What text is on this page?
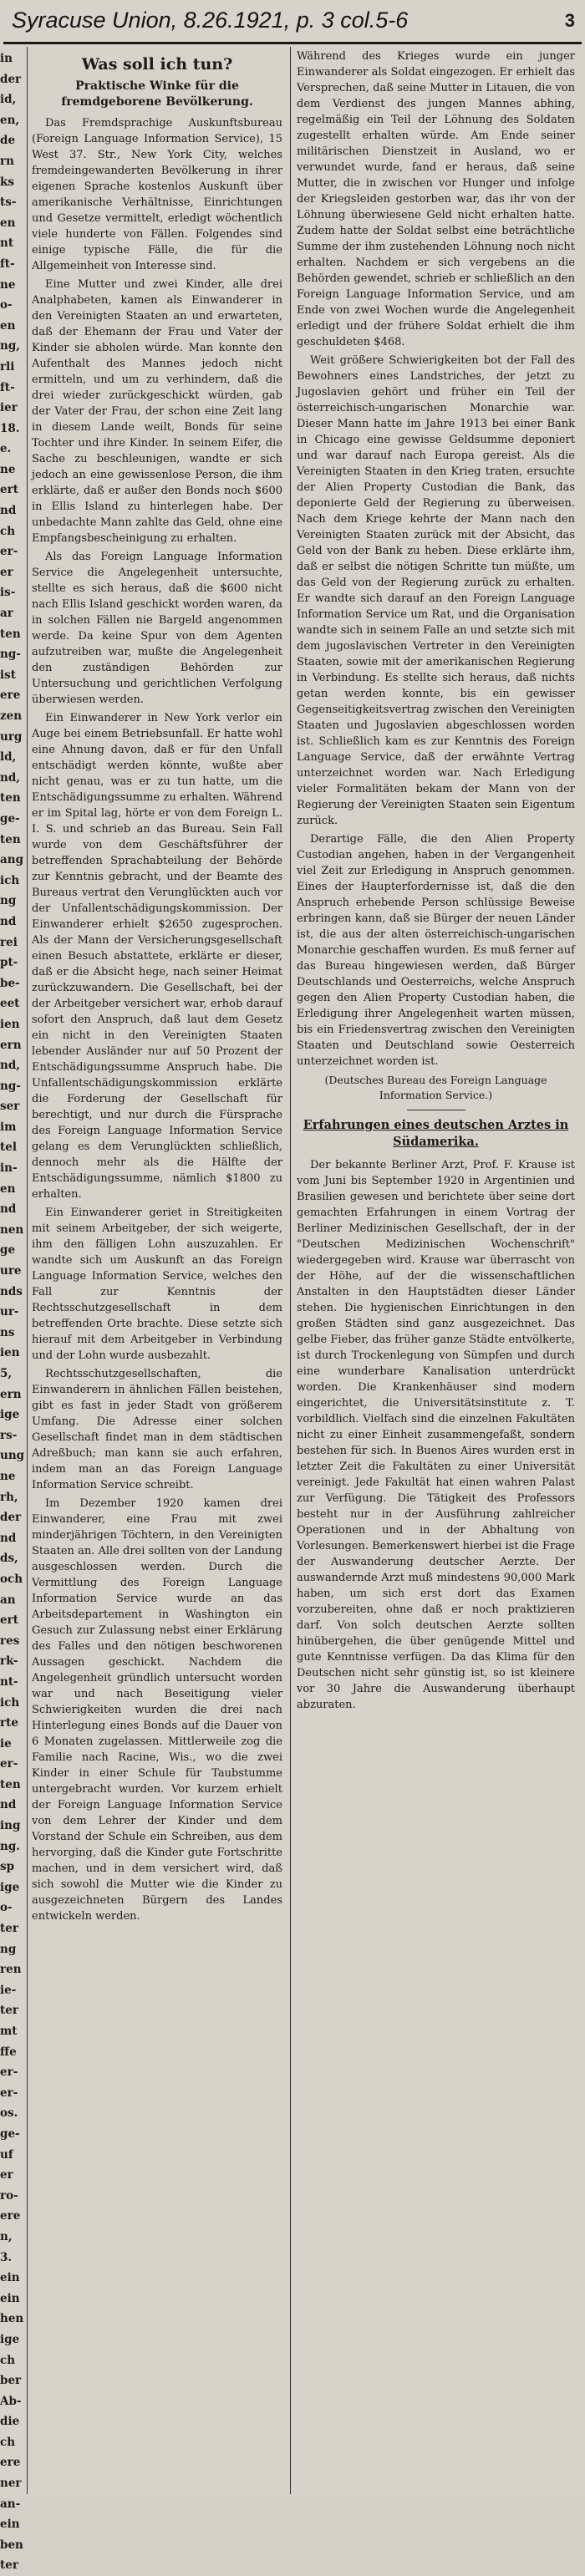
Syracuse Union, 8.26.1921, p. 3 col.5-6	3
in
der
id,
en,
de
rn
ks
ts-
en
nt
ft-
ne
o-
en
ng,
rli
ft-
ier
18.
e.
ne
ert
nd
ch
er-
er
is-
ar
ten
ng-
ist
ere
zen
urg
ld,
nd,
ten
ge-
ten
ang
ich
ng
nd
rei
pt-
be-
eet
ien
ern
nd,
ng-
ser
im
tel
in-
en
nd
nen
ge
ure
nds
ur-
ns
ien
5,
ern
ige
rs-
ung
ne
rh,
der
nd
ds,
och
an
ert
res
rk-
nt-
ich
rte
ie
er-
ten
nd
ing
ng.
sp
ige
o-
ter
ng
ren
ie-
ter
mt
ffe
er-
er-
os.
ge-
uf
er
ro-
ere
n,
3.
ein
ein
hen
ige
ch
ber
Ab-
die
ch
ere
ner
an-
ein
ben
ter
Was soll ich tun?
Praktische Winke für die fremdgeborene Bevölkerung.

Das Fremdsprachige Auskunftsbureau (Foreign Language Information Service), 15 West 37. Str., New York City, welches fremdeingewanderten Bevölkerung in ihrer eigenen Sprache kostenlos Auskunft über amerikanische Verhältnisse, Einrichtungen und Gesetze vermittelt, erledigt wöchentlich viele hunderte von Fällen. Folgendes sind einige typische Fälle, die für die Allgemeinheit von Interesse sind.

Eine Mutter und zwei Kinder, alle drei Analphabeten, kamen als Einwanderer in den Vereinigten Staaten an und erwarteten, daß der Ehemann der Frau und Vater der Kinder sie abholen würde. Man konnte den Aufenthalt des Mannes jedoch nicht ermitteln, und um zu verhindern, daß die drei wieder zurückgeschickt würden, gab der Vater der Frau, der schon eine Zeit lang in diesem Lande weilt, Bonds für seine Tochter und ihre Kinder. In seinem Eifer, die Sache zu beschleunigen, wandte er sich jedoch an eine gewissenlose Person, die ihm erklärte, daß er außer den Bonds noch $600 in Ellis Island zu hinterlegen habe. Der unbedachte Mann zahlte das Geld, ohne eine Empfangsbescheinigung zu erhalten.

Als das Foreign Language Information Service die Angelegenheit untersuchte, stellte es sich heraus, daß die $600 nicht nach Ellis Island geschickt worden waren, da in solchen Fällen nie Bargeld angenommen werde. Da keine Spur von dem Agenten aufzutreiben war, mußte die Angelegenheit den zuständigen Behörden zur Untersuchung und gerichtlichen Verfolgung überwiesen werden.

Ein Einwanderer in New York verlor ein Auge bei einem Betriebsunfall. Er hatte wohl eine Ahnung davon, daß er für den Unfall entschädigt werden könnte, wußte aber nicht genau, was er zu tun hatte, um die Entschädigungssumme zu erhalten. Während er im Spital lag, hörte er von dem Foreign L. I. S. und schrieb an das Bureau. Sein Fall wurde von dem Geschäftsführer der betreffenden Sprachabteilung der Behörde zur Kenntnis gebracht, und der Beamte des Bureaus vertrat den Verunglückten auch vor der Unfallentschädigungskommission. Der Einwanderer erhielt $2650 zugesprochen. Als der Mann der Versicherungsgesellschaft einen Besuch abstattete, erklärte er dieser, daß er die Absicht hege, nach seiner Heimat zurückzuwandern. Die Gesellschaft, bei der der Arbeitgeber versichert war, erhob darauf sofort den Anspruch, daß laut dem Gesetz ein nicht in den Vereinigten Staaten lebender Ausländer nur auf 50 Prozent der Entschädigungssumme Anspruch habe. Die Unfallentschädigungskommission erklärte die Forderung der Gesellschaft für berechtigt, und nur durch die Fürsprache des Foreign Language Information Service gelang es dem Verunglückten schließlich, dennoch mehr als die Hälfte der Entschädigungssumme, nämlich $1800 zu erhalten.

Ein Einwanderer geriet in Streitigkeiten mit seinem Arbeitgeber, der sich weigerte, ihm den fälligen Lohn auszuzahlen. Er wandte sich um Auskunft an das Foreign Language Information Service, welches den Fall zur Kenntnis der Rechtsschutzgesellschaft in dem betreffenden Orte brachte. Diese setzte sich hierauf mit dem Arbeitgeber in Verbindung und der Lohn wurde ausbezahlt.

Rechtsschutzgesellschaften, die Einwanderern in ähnlichen Fällen beistehen, gibt es fast in jeder Stadt von größerem Umfang. Die Adresse einer solchen Gesellschaft findet man in dem städtischen Adreßbuch; man kann sie auch erfahren, indem man an das Foreign Language Information Service schreibt.

Im Dezember 1920 kamen drei Einwanderer, eine Frau mit zwei minderjährigen Töchtern, in den Vereinigten Staaten an. Alle drei sollten von der Landung ausgeschlossen werden. Durch die Vermittlung des Foreign Language Information Service wurde an das Arbeitsdepartement in Washington ein Gesuch zur Zulassung nebst einer Erklärung des Falles und den nötigen beschworenen Aussagen geschickt. Nachdem die Angelegenheit gründlich untersucht worden war und nach Beseitigung vieler Schwierigkeiten wurden die drei nach Hinterlegung eines Bonds auf die Dauer von 6 Monaten zugelassen. Mittlerweile zog die Familie nach Racine, Wis., wo die zwei Kinder in einer Schule für Taubstumme untergebracht wurden. Vor kurzem erhielt der Foreign Language Information Service von dem Lehrer der Kinder und dem Vorstand der Schule ein Schreiben, aus dem hervorging, daß die Kinder gute Fortschritte machen, und in dem versichert wird, daß sich sowohl die Mutter wie die Kinder zu ausgezeichneten Bürgern des Landes entwickeln werden.

Während des Krieges wurde ein junger Einwanderer als Soldat eingezogen. Er erhielt das Versprechen, daß seine Mutter in Litauen, die von dem Verdienst des jungen Mannes abhing, regelmäßig ein Teil der Löhnung des Soldaten zugestellt erhalten würde. Am Ende seiner militärischen Dienstzeit in Ausland, wo er verwundet wurde, fand er heraus, daß seine Mutter, die in zwischen vor Hunger und infolge der Kriegsleiden gestorben war, das ihr von der Löhnung überwiesene Geld nicht erhalten hatte. Zudem hatte der Soldat selbst eine beträchtliche Summe der ihm zustehenden Löhnung noch nicht erhalten. Nachdem er sich vergebens an die Behörden gewendet, schrieb er schließlich an den Foreign Language Information Service, und am Ende von zwei Wochen wurde die Angelegenheit erledigt und der frühere Soldat erhielt die ihm geschuldeten $468.

Weit größere Schwierigkeiten bot der Fall des Bewohners eines Landstriches, der jetzt zu Jugoslavien gehört und früher ein Teil der österreichisch-ungarischen Monarchie war. Dieser Mann hatte im Jahre 1913 bei einer Bank in Chicago eine gewisse Geldsumme deponiert und war darauf nach Europa gereist. Als die Vereinigten Staaten in den Krieg traten, ersuchte der Alien Property Custodian die Bank, das deponierte Geld der Regierung zu überweisen. Nach dem Kriege kehrte der Mann nach den Vereinigten Staaten zurück mit der Absicht, das Geld von der Bank zu heben. Diese erklärte ihm, daß er selbst die nötigen Schritte tun müßte, um das Geld von der Regierung zurück zu erhalten. Er wandte sich darauf an den Foreign Language Information Service um Rat, und die Organisation wandte sich in seinem Falle an und setzte sich mit dem jugoslavischen Vertreter in den Vereinigten Staaten, sowie mit der amerikanischen Regierung in Verbindung. Es stellte sich heraus, daß nichts getan werden konnte, bis ein gewisser Gegenseitigkeitsvertrag zwischen den Vereinigten Staaten und Jugoslavien abgeschlossen worden ist. Schließlich kam es zur Kenntnis des Foreign Language Service, daß der erwähnte Vertrag unterzeichnet worden war. Nach Erledigung vieler Formalitäten bekam der Mann von der Regierung der Vereinigten Staaten sein Eigentum zurück.

Derartige Fälle, die den Alien Property Custodian angehen, haben in der Vergangenheit viel Zeit zur Erledigung in Anspruch genommen. Eines der Haupterfordernisse ist, daß die den Anspruch erhebende Person schlüssige Beweise erbringen kann, daß sie Bürger der neuen Länder ist, die aus der alten österreichisch-ungarischen Monarchie geschaffen wurden. Es muß ferner auf das Bureau hingewiesen werden, daß Bürger Deutschlands und Oesterreichs, welche Anspruch gegen den Alien Property Custodian haben, die Erledigung ihrer Angelegenheit warten müssen, bis ein Friedensvertrag zwischen den Vereinigten Staaten und Deutschland sowie Oesterreich unterzeichnet worden ist.

(Deutsches Bureau des Foreign Language Information Service.)

Erfahrungen eines deutschen Arztes in Südamerika.

Der bekannte Berliner Arzt, Prof. F. Krause ist vom Juni bis September 1920 in Argentinien und Brasilien gewesen und berichtete über seine dort gemachten Erfahrungen in einem Vortrag der Berliner Medizinischen Gesellschaft, der in der "Deutschen Medizinischen Wochenschrift" wiedergegeben wird. Krause war überrascht von der Höhe, auf der die wissenschaftlichen Anstalten in den Hauptstädten dieser Länder stehen. Die hygienischen Einrichtungen in den großen Städten sind ganz ausgezeichnet. Das gelbe Fieber, das früher ganze Städte entvölkerte, ist durch Trockenlegung von Sümpfen und durch eine wunderbare Kanalisation unterdrückt worden. Die Krankenhäuser sind modern eingerichtet, die Universitätsinstitute z. T. vorbildlich. Vielfach sind die einzelnen Fakultäten nicht zu einer Einheit zusammengefaßt, sondern bestehen für sich. In Buenos Aires wurden erst in letzter Zeit die Fakultäten zu einer Universität vereinigt. Jede Fakultät hat einen wahren Palast zur Verfügung. Die Tätigkeit des Professors besteht nur in der Ausführung zahlreicher Operationen und in der Abhaltung von Vorlesungen. Bemerkenswert hierbei ist die Frage der Auswanderung deutscher Aerzte. Der auswandernde Arzt muß mindestens 90,000 Mark haben, um sich erst dort das Examen vorzubereiten, ohne daß er noch praktizieren darf. Von solch deutschen Aerzte sollten hinübergehen, die über genügende Mittel und gute Kenntnisse verfügen. Da das Klima für den Deutschen nicht sehr günstig ist, so ist kleinere vor 30 Jahre die Auswanderung überhaupt abzuraten.
